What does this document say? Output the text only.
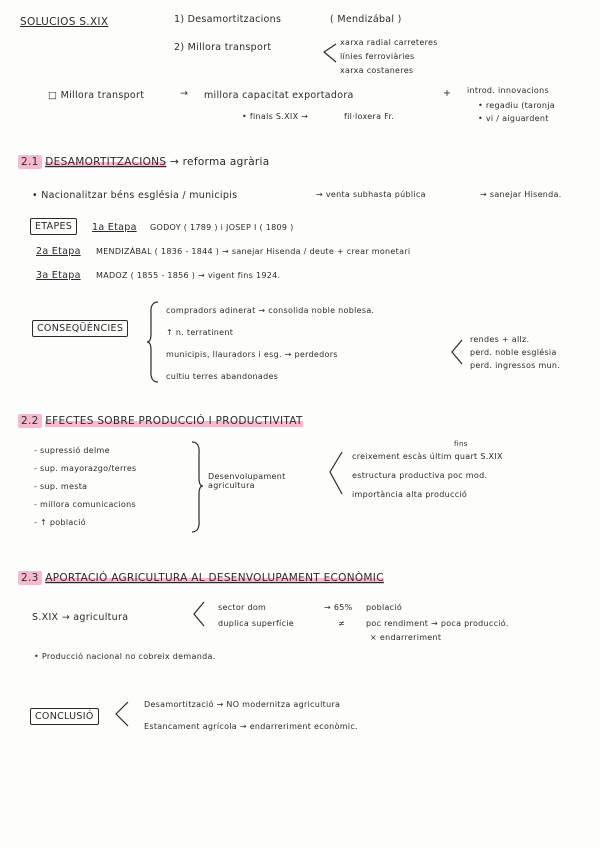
SOLUCIOS S.XIX	1) Desamortitzacions	( Mendizábal )
2) Millora transport	xarxa radial carreteres
línies ferroviàries
xarxa costaneres
□ Millora transport	→ millora capacitat exportadora	+ introd. innovacions
• regadiu (taronja
• vi / aiguardent
• finals S.XIX →	fil·loxera Fr.
2.1 DESAMORTITZACIONS → reforma agrària
• Nacionalitzar béns església / municipis	→ venta subhasta pública	→ sanejar Hisenda.
ETAPES	1a Etapa GODOY ( 1789 ) i JOSEP I ( 1809 )
2a Etapa MENDIZÁBAL ( 1836 - 1844 ) → sanejar Hisenda / deute + crear monetari
3a Etapa MADOZ ( 1855 - 1856 ) → vigent fins 1924.
CONSEQÜÈNCIES
compradors adinerat → consolida noble noblesa.
↑ n. terratinent
municipis, llauradors i esg. → perdedors
cultiu terres abandonades
rendes + allz.
perd. noble església
perd. ingressos mun.
2.2 EFECTES SOBRE PRODUCCIÓ I PRODUCTIVITAT
- supressió delme
- sup. mayorazgo/terres
- sup. mesta
- millora comunicacions
- ↑ població
Desenvolupament agricultura
creixement escàs últim quart S.XIX
fins
estructura productiva poc mod.
importància alta producció
2.3 APORTACIÓ AGRICULTURA AL DESENVOLUPAMENT ECONÒMIC
S.XIX → agricultura
sector dom	→ 65% població
duplica superfície	≠	poc rendiment → poca producció.
× endarreriment
• Producció nacional no cobreix demanda.
CONCLUSIÓ
Desamortització → NO modernitza agricultura
Estancament agrícola → endarreriment econòmic.
